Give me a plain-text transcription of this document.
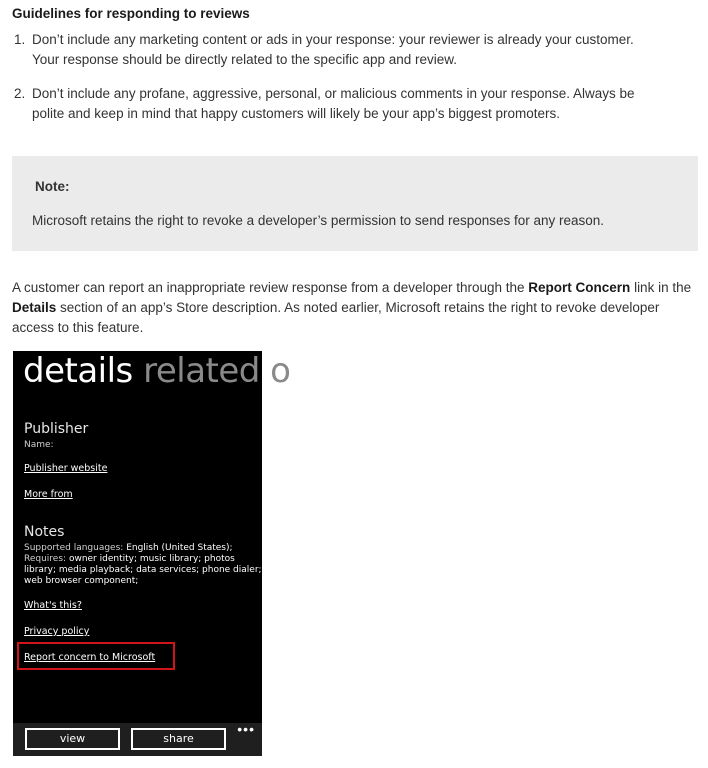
Guidelines for responding to reviews
1. Don’t include any marketing content or ads in your response: your reviewer is already your customer.
Your response should be directly related to the specific app and review.
2. Don’t include any profane, aggressive, personal, or malicious comments in your response. Always be
polite and keep in mind that happy customers will likely be your app’s biggest promoters.
Note:
Microsoft retains the right to revoke a developer’s permission to send responses for any reason.
A customer can report an inappropriate review response from a developer through the Report Concern link in the Details section of an app’s Store description. As noted earlier, Microsoft retains the right to revoke developer access to this feature.
details related o
Publisher
Name:
Publisher website
More from
Notes
Supported languages: English (United States);
Requires: owner identity; music library; photos
library; media playback; data services; phone dialer;
web browser component;
What's this?
Privacy policy
Report concern to Microsoft
view	share
•••
